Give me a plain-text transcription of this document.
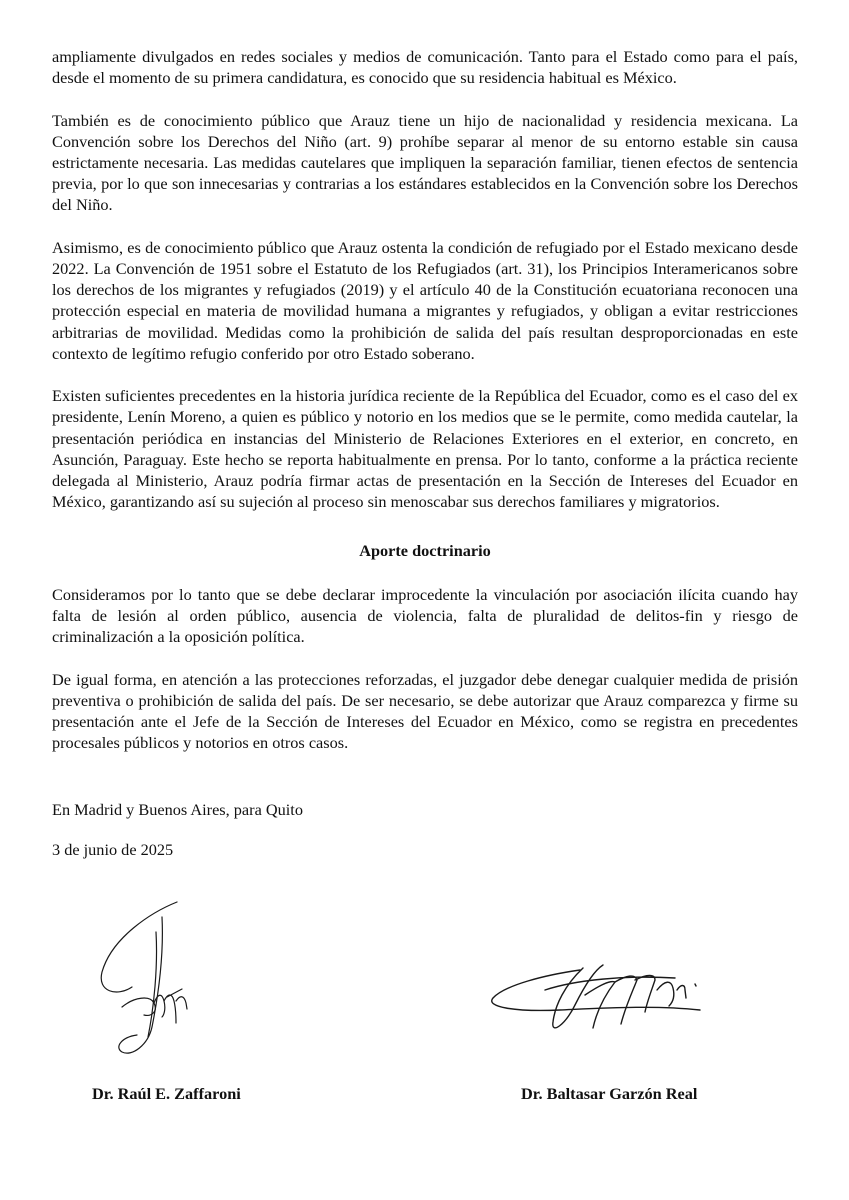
ampliamente divulgados en redes sociales y medios de comunicación. Tanto para el Estado como para el país, desde el momento de su primera candidatura, es conocido que su residencia habitual es México.

También es de conocimiento público que Arauz tiene un hijo de nacionalidad y residencia mexicana. La Convención sobre los Derechos del Niño (art. 9) prohíbe separar al menor de su entorno estable sin causa estrictamente necesaria. Las medidas cautelares que impliquen la separación familiar, tienen efectos de sentencia previa, por lo que son innecesarias y contrarias a los estándares establecidos en la Convención sobre los Derechos del Niño.

Asimismo, es de conocimiento público que Arauz ostenta la condición de refugiado por el Estado mexicano desde 2022. La Convención de 1951 sobre el Estatuto de los Refugiados (art. 31), los Principios Interamericanos sobre los derechos de los migrantes y refugiados (2019) y el artículo 40 de la Constitución ecuatoriana reconocen una protección especial en materia de movilidad humana a migrantes y refugiados, y obligan a evitar restricciones arbitrarias de movilidad. Medidas como la prohibición de salida del país resultan desproporcionadas en este contexto de legítimo refugio conferido por otro Estado soberano.

Existen suficientes precedentes en la historia jurídica reciente de la República del Ecuador, como es el caso del ex presidente, Lenín Moreno, a quien es público y notorio en los medios que se le permite, como medida cautelar, la presentación periódica en instancias del Ministerio de Relaciones Exteriores en el exterior, en concreto, en Asunción, Paraguay. Este hecho se reporta habitualmente en prensa. Por lo tanto, conforme a la práctica reciente delegada al Ministerio, Arauz podría firmar actas de presentación en la Sección de Intereses del Ecuador en México, garantizando así su sujeción al proceso sin menoscabar sus derechos familiares y migratorios.

Aporte doctrinario

Consideramos por lo tanto que se debe declarar improcedente la vinculación por asociación ilícita cuando hay falta de lesión al orden público, ausencia de violencia, falta de pluralidad de delitos-fin y riesgo de criminalización a la oposición política.

De igual forma, en atención a las protecciones reforzadas, el juzgador debe denegar cualquier medida de prisión preventiva o prohibición de salida del país. De ser necesario, se debe autorizar que Arauz comparezca y firme su presentación ante el Jefe de la Sección de Intereses del Ecuador en México, como se registra en precedentes procesales públicos y notorios en otros casos.

En Madrid y Buenos Aires, para Quito
3 de junio de 2025
Dr. Raúl E. Zaffaroni	Dr. Baltasar Garzón Real
